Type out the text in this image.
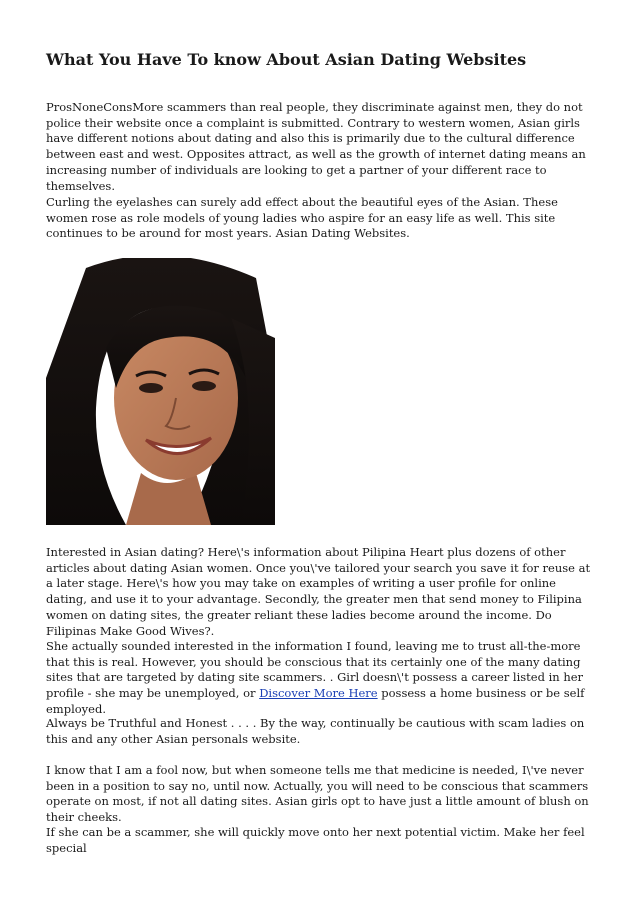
What You Have To know About Asian Dating Websites

ProsNoneConsMore scammers than real people, they discriminate against men, they do not police their website once a complaint is submitted. Contrary to western women, Asian girls have different notions about dating and also this is primarily due to the cultural difference between east and west. Opposites attract, as well as the growth of internet dating means an increasing number of individuals are looking to get a partner of your different race to themselves.

Curling the eyelashes can surely add effect about the beautiful eyes of the Asian. These women rose as role models of young ladies who aspire for an easy life as well. This site continues to be around for most years. Asian Dating Websites.

Interested in Asian dating? Here\'s information about Pilipina Heart plus dozens of other articles about dating Asian women. Once you\'ve tailored your search you save it for reuse at a later stage. Here\'s how you may take on examples of writing a user profile for online dating, and use it to your advantage. Secondly, the greater men that send money to Filipina women on dating sites, the greater reliant these ladies become around the income. Do Filipinas Make Good Wives?.

She actually sounded interested in the information I found, leaving me to trust all-the-more that this is real. However, you should be conscious that its certainly one of the many dating sites that are targeted by dating site scammers. . Girl doesn\'t possess a career listed in her profile - she may be unemployed, or Discover More Here possess a home business or be self employed.

Always be Truthful and Honest . . . . By the way, continually be cautious with scam ladies on this and any other Asian personals website.

I know that I am a fool now, but when someone tells me that medicine is needed, I\'ve never been in a position to say no, until now. Actually, you will need to be conscious that scammers operate on most, if not all dating sites. Asian girls opt to have just a little amount of blush on their cheeks.

If she can be a scammer, she will quickly move onto her next potential victim. Make her feel special
